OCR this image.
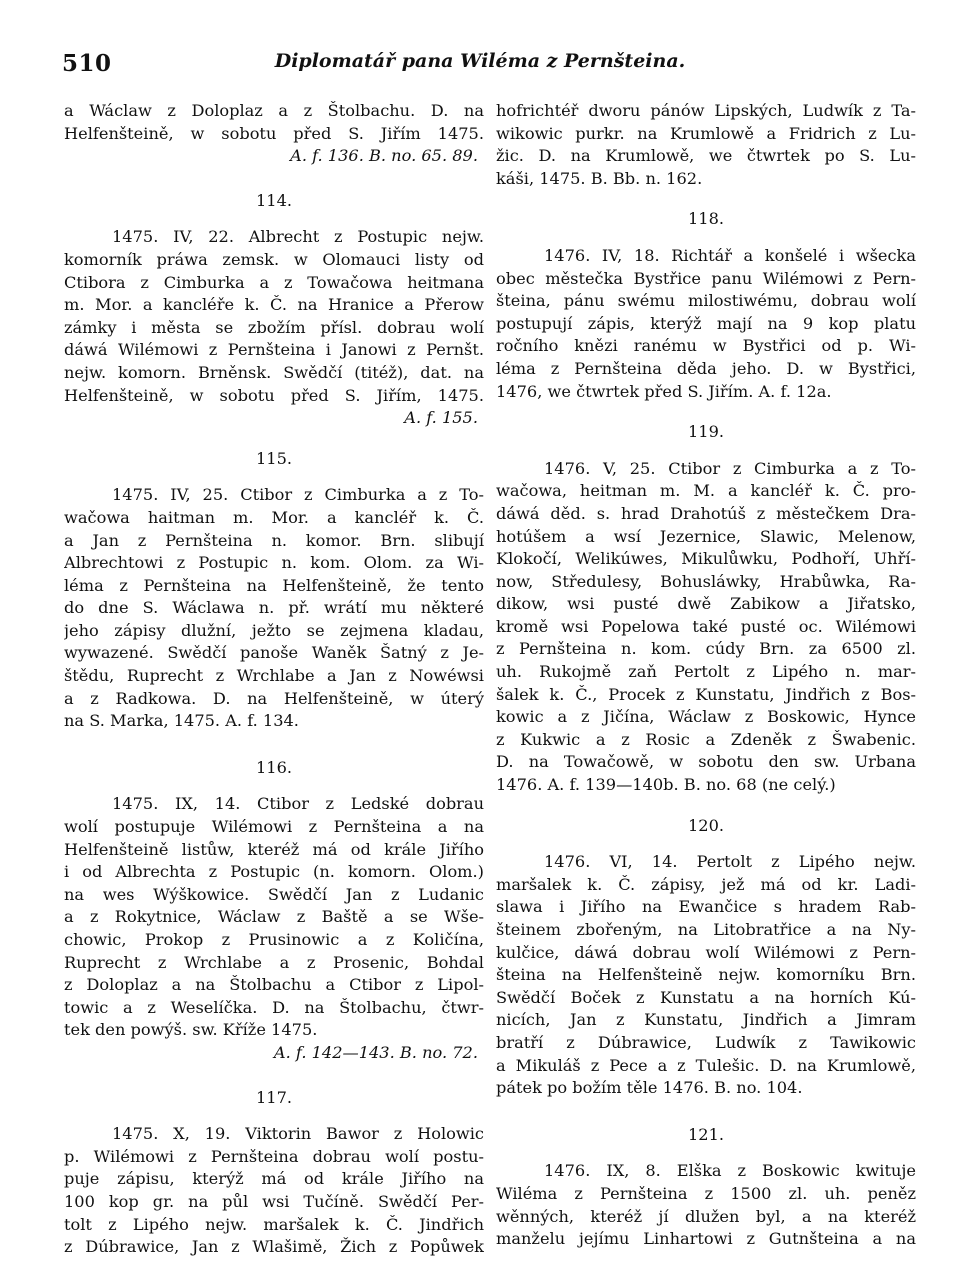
510	Diplomatář pana Wiléma z Pernšteina.
a Wáclaw z Doloplaz a z Štolbachu. D. na
Helfenšteině, w sobotu před S. Jiřím 1475.
A. f. 136. B. no. 65. 89.
114.
1475. IV, 22. Albrecht z Postupic nejw.
komorník práwa zemsk. w Olomauci listy od
Ctibora z Cimburka a z Towačowa heitmana
m. Mor. a kancléře k. Č. na Hranice a Přerow
zámky i města se zbožím přísl. dobrau wolí
dáwá Wilémowi z Pernšteina i Janowi z Pernšt.
nejw. komorn. Brněnsk. Swědčí (titéž), dat. na
Helfenšteině, w sobotu před S. Jiřím, 1475.
A. f. 155.
115.
1475. IV, 25. Ctibor z Cimburka a z To-
wačowa haitman m. Mor. a kancléř k. Č.
a Jan z Pernšteina n. komor. Brn. slibují
Albrechtowi z Postupic n. kom. Olom. za Wi-
léma z Pernšteina na Helfenšteině, že tento
do dne S. Wáclawa n. př. wrátí mu některé
jeho zápisy dlužní, ježto se zejmena kladau,
wywazené. Swědčí panoše Waněk Šatný z Je-
štědu, Ruprecht z Wrchlabe a Jan z Nowéwsi
a z Radkowa. D. na Helfenšteině, w úterý
na S. Marka, 1475. A. f. 134.
116.
1475. IX, 14. Ctibor z Ledské dobrau
wolí postupuje Wilémowi z Pernšteina a na
Helfenšteině listůw, kteréž má od krále Jiřího
i od Albrechta z Postupic (n. komorn. Olom.)
na wes Wýškowice. Swědčí Jan z Ludanic
a z Rokytnice, Wáclaw z Baště a se Wše-
chowic, Prokop z Prusinowic a z Količína,
Ruprecht z Wrchlabe a z Prosenic, Bohdal
z Doloplaz a na Štolbachu a Ctibor z Lipol-
towic a z Weselíčka. D. na Štolbachu, čtwr-
tek den powýš. sw. Kříže 1475.
A. f. 142—143. B. no. 72.
117.
1475. X, 19. Viktorin Bawor z Holowic
p. Wilémowi z Pernšteina dobrau wolí postu-
puje zápisu, kterýž má od krále Jiřího na
100 kop gr. na půl wsi Tučíně. Swědčí Per-
tolt z Lipého nejw. maršalek k. Č. Jindřich
z Dúbrawice, Jan z Wlašimě, Žich z Popůwek
hofrichtéř dworu pánów Lipských, Ludwík z Ta-
wikowic purkr. na Krumlowě a Fridrich z Lu-
žic. D. na Krumlowě, we čtwrtek po S. Lu-
káši, 1475. B. Bb. n. 162.
118.
1476. IV, 18. Richtář a konšelé i wšecka
obec městečka Bystřice panu Wilémowi z Pern-
šteina, pánu swému milostiwému, dobrau wolí
postupují zápis, kterýž mají na 9 kop platu
ročního knězi ranému w Bystřici od p. Wi-
léma z Pernšteina děda jeho. D. w Bystřici,
1476, we čtwrtek před S. Jiřím. A. f. 12a.
119.
1476. V, 25. Ctibor z Cimburka a z To-
wačowa, heitman m. M. a kancléř k. Č. pro-
dáwá děd. s. hrad Drahotúš z městečkem Dra-
hotúšem a wsí Jezernice, Slawic, Melenow,
Klokočí, Welikúwes, Mikulůwku, Podhoří, Uhří-
now, Středulesy, Bohusláwky, Hrabůwka, Ra-
dikow, wsi pusté dwě Zabikow a Jiřatsko,
kromě wsi Popelowa také pusté oc. Wilémowi
z Pernšteina n. kom. cúdy Brn. za 6500 zl.
uh. Rukojmě zaň Pertolt z Lipého n. mar-
šalek k. Č., Procek z Kunstatu, Jindřich z Bos-
kowic a z Jičína, Wáclaw z Boskowic, Hynce
z Kukwic a z Rosic a Zdeněk z Šwabenic.
D. na Towačowě, w sobotu den sw. Urbana
1476. A. f. 139—140b. B. no. 68 (ne celý.)
120.
1476. VI, 14. Pertolt z Lipého nejw.
maršalek k. Č. zápisy, jež má od kr. Ladi-
slawa i Jiřího na Ewančice s hradem Rab-
šteinem zbořeným, na Litobratřice a na Ny-
kulčice, dáwá dobrau wolí Wilémowi z Pern-
šteina na Helfenšteině nejw. komorníku Brn.
Swědčí Boček z Kunstatu a na horních Kú-
nicích, Jan z Kunstatu, Jindřich a Jimram
bratří z Dúbrawice, Ludwík z Tawikowic
a Mikuláš z Pece a z Tulešic. D. na Krumlowě,
pátek po božím těle 1476. B. no. 104.
121.
1476. IX, 8. Elška z Boskowic kwituje
Wiléma z Pernšteina z 1500 zl. uh. peněz
wěnných, kteréž jí dlužen byl, a na kteréž
manželu jejímu Linhartowi z Gutnšteina a na
